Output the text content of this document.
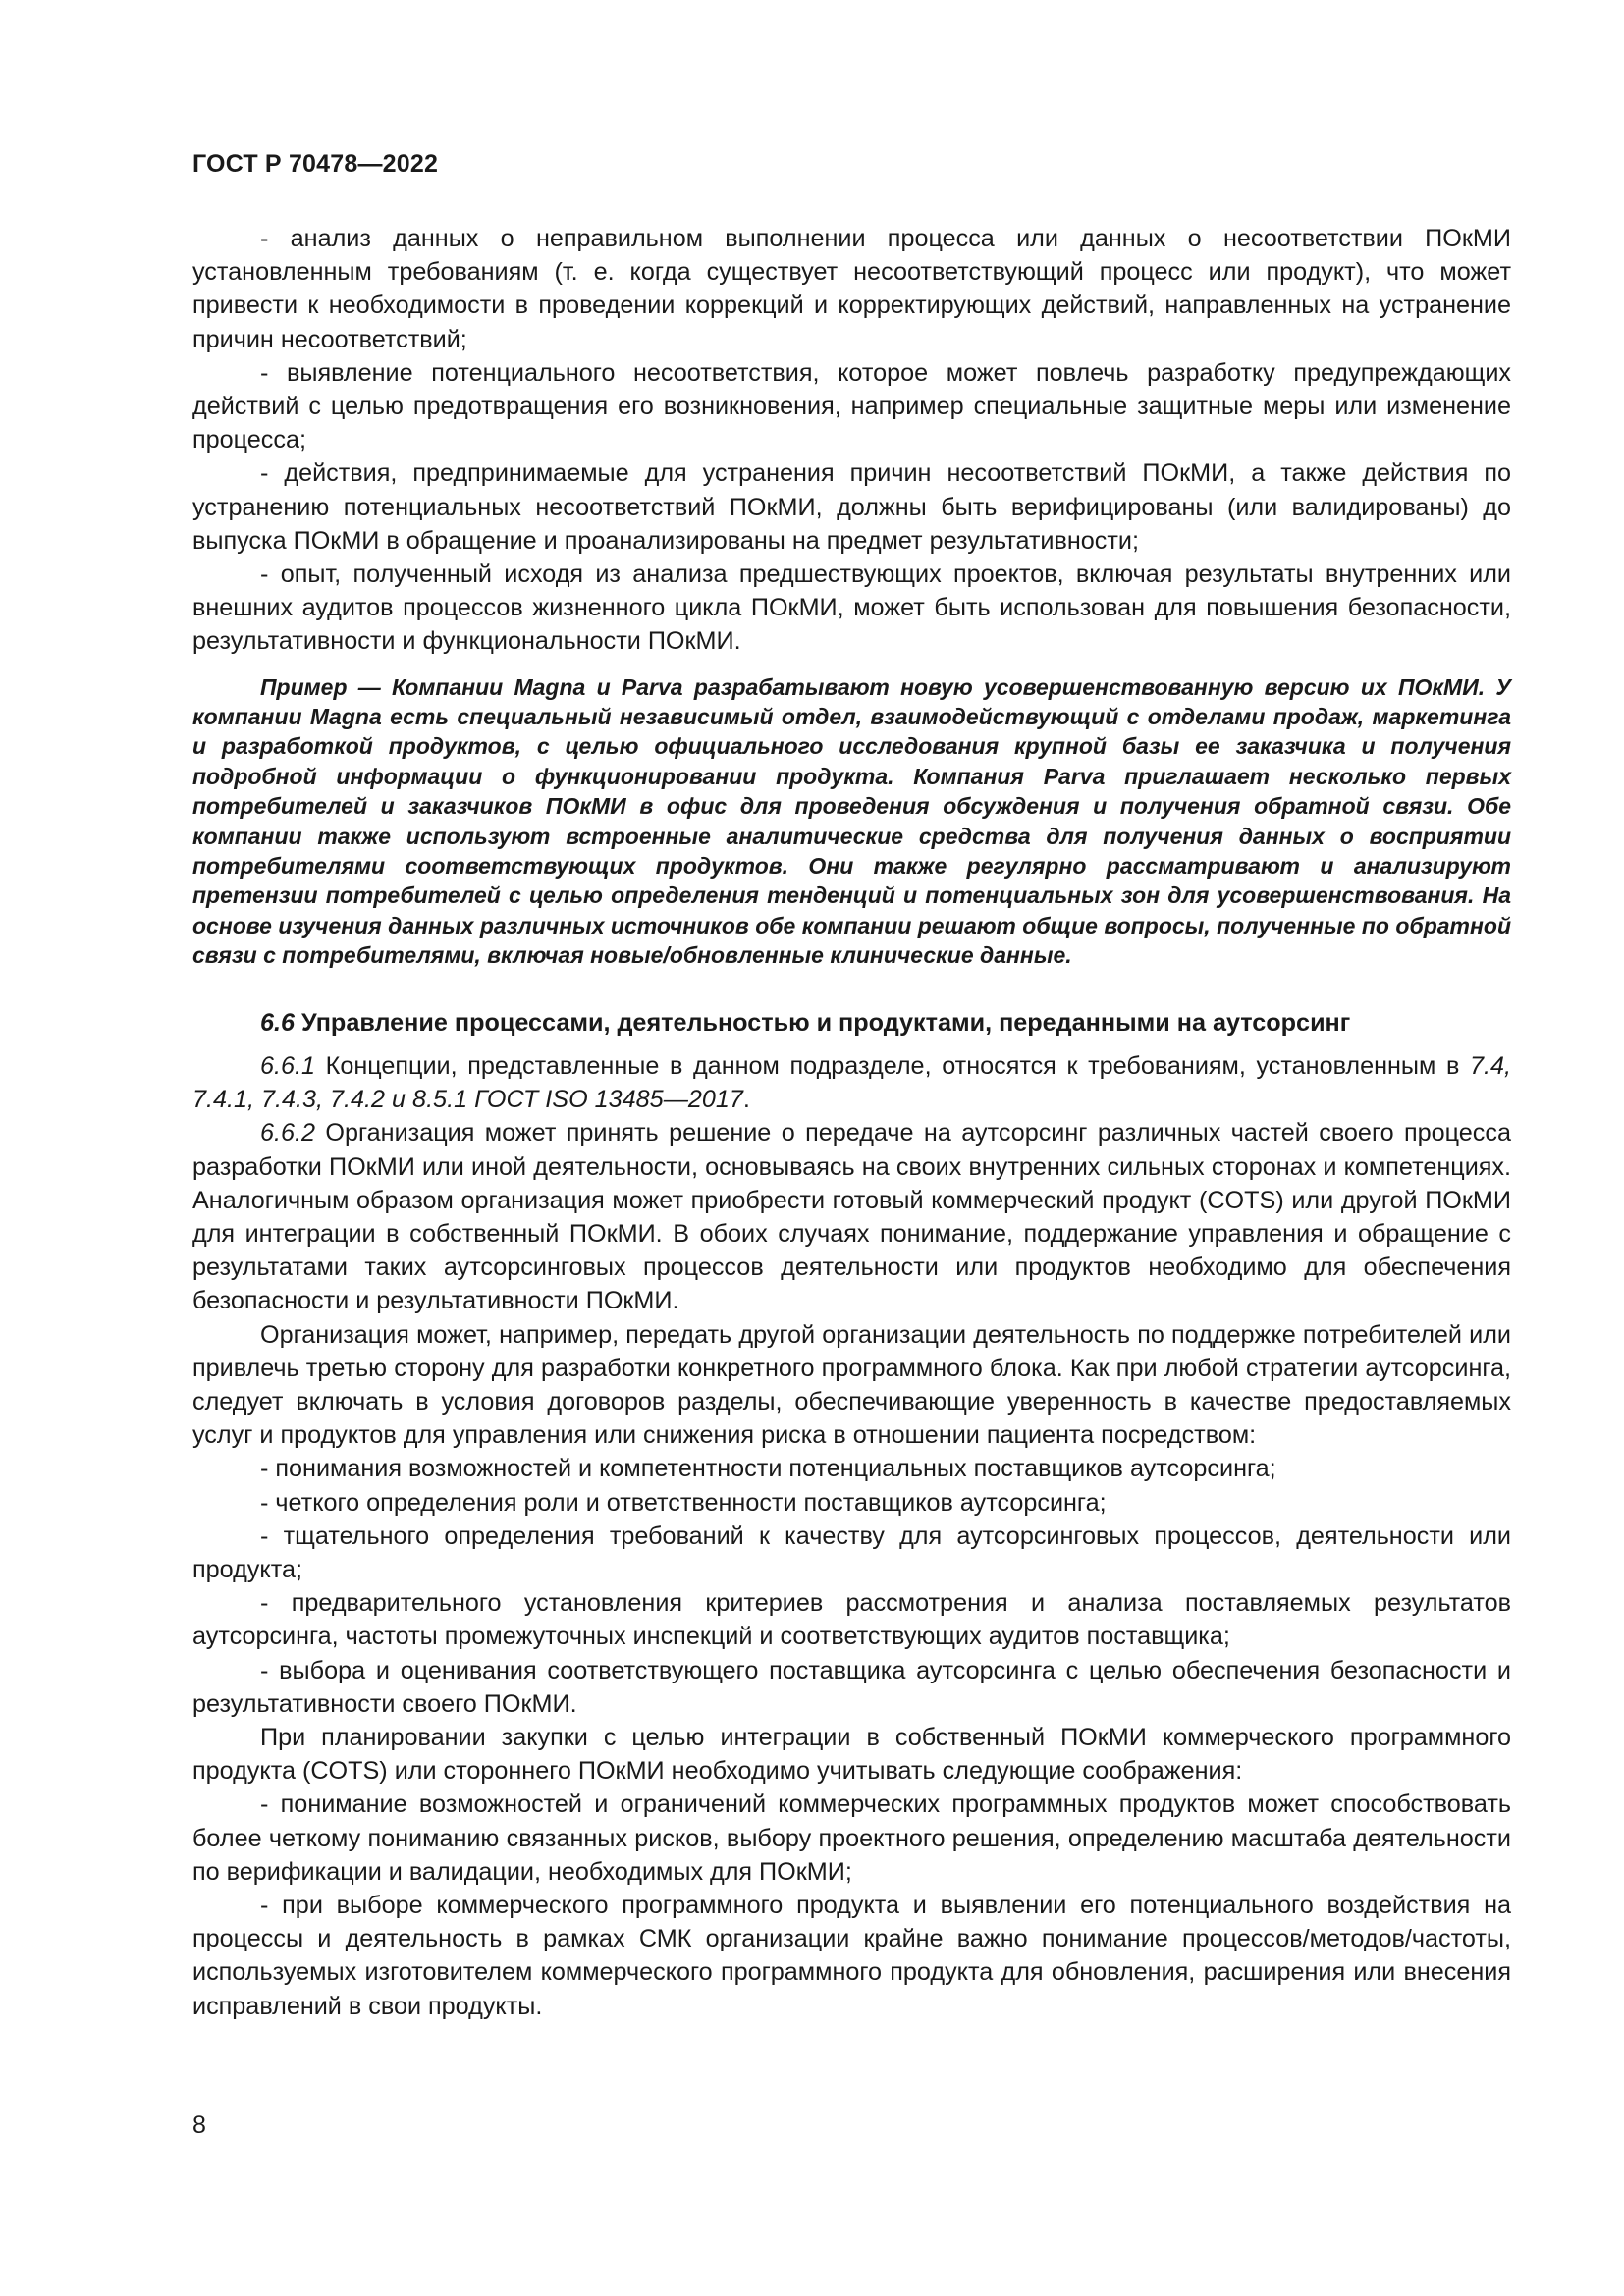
ГОСТ Р 70478—2022

- анализ данных о неправильном выполнении процесса или данных о несоответствии ПОкМИ установленным требованиям (т. е. когда существует несоответствующий процесс или продукт), что может привести к необходимости в проведении коррекций и корректирующих действий, направленных на устранение причин несоответствий;

- выявление потенциального несоответствия, которое может повлечь разработку предупреждающих действий с целью предотвращения его возникновения, например специальные защитные меры или изменение процесса;

- действия, предпринимаемые для устранения причин несоответствий ПОкМИ, а также действия по устранению потенциальных несоответствий ПОкМИ, должны быть верифицированы (или валидированы) до выпуска ПОкМИ в обращение и проанализированы на предмет результативности;

- опыт, полученный исходя из анализа предшествующих проектов, включая результаты внутренних или внешних аудитов процессов жизненного цикла ПОкМИ, может быть использован для повышения безопасности, результативности и функциональности ПОкМИ.

Пример — Компании Magna и Parva разрабатывают новую усовершенствованную версию их ПОкМИ. У компании Magna есть специальный независимый отдел, взаимодействующий с отделами продаж, маркетинга и разработкой продуктов, с целью официального исследования крупной базы ее заказчика и получения подробной информации о функционировании продукта. Компания Parva приглашает несколько первых потребителей и заказчиков ПОкМИ в офис для проведения обсуждения и получения обратной связи. Обе компании также используют встроенные аналитические средства для получения данных о восприятии потребителями соответствующих продуктов. Они также регулярно рассматривают и анализируют претензии потребителей с целью определения тенденций и потенциальных зон для усовершенствования. На основе изучения данных различных источников обе компании решают общие вопросы, полученные по обратной связи с потребителями, включая новые/обновленные клинические данные.

6.6 Управление процессами, деятельностью и продуктами, переданными на аутсорсинг

6.6.1 Концепции, представленные в данном подразделе, относятся к требованиям, установленным в 7.4, 7.4.1, 7.4.3, 7.4.2 и 8.5.1 ГОСТ ISO 13485—2017.

6.6.2 Организация может принять решение о передаче на аутсорсинг различных частей своего процесса разработки ПОкМИ или иной деятельности, основываясь на своих внутренних сильных сторонах и компетенциях. Аналогичным образом организация может приобрести готовый коммерческий продукт (COTS) или другой ПОкМИ для интеграции в собственный ПОкМИ. В обоих случаях понимание, поддержание управления и обращение с результатами таких аутсорсинговых процессов деятельности или продуктов необходимо для обеспечения безопасности и результативности ПОкМИ.

Организация может, например, передать другой организации деятельность по поддержке потребителей или привлечь третью сторону для разработки конкретного программного блока. Как при любой стратегии аутсорсинга, следует включать в условия договоров разделы, обеспечивающие уверенность в качестве предоставляемых услуг и продуктов для управления или снижения риска в отношении пациента посредством:

- понимания возможностей и компетентности потенциальных поставщиков аутсорсинга;

- четкого определения роли и ответственности поставщиков аутсорсинга;

- тщательного определения требований к качеству для аутсорсинговых процессов, деятельности или продукта;

- предварительного установления критериев рассмотрения и анализа поставляемых результатов аутсорсинга, частоты промежуточных инспекций и соответствующих аудитов поставщика;

- выбора и оценивания соответствующего поставщика аутсорсинга с целью обеспечения безопасности и результативности своего ПОкМИ.

При планировании закупки с целью интеграции в собственный ПОкМИ коммерческого программного продукта (COTS) или стороннего ПОкМИ необходимо учитывать следующие соображения:

- понимание возможностей и ограничений коммерческих программных продуктов может способствовать более четкому пониманию связанных рисков, выбору проектного решения, определению масштаба деятельности по верификации и валидации, необходимых для ПОкМИ;

- при выборе коммерческого программного продукта и выявлении его потенциального воздействия на процессы и деятельность в рамках СМК организации крайне важно понимание процессов/методов/частоты, используемых изготовителем коммерческого программного продукта для обновления, расширения или внесения исправлений в свои продукты.

8
